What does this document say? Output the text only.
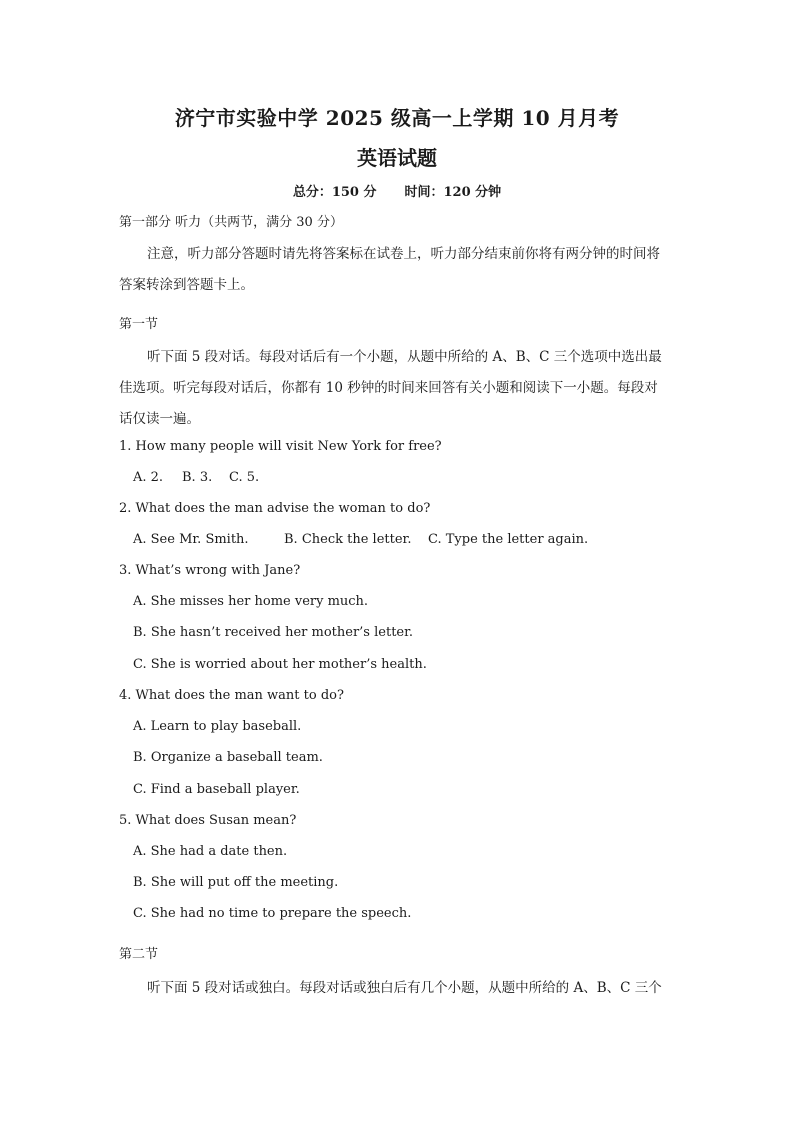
济宁市实验中学 2025 级高一上学期 10 月月考
英语试题
总分：150 分 时间：120 分钟
第一部分 听力（共两节，满分 30 分）
注意，听力部分答题时请先将答案标在试卷上，听力部分结束前你将有两分钟的时间将
答案转涂到答题卡上。
第一节
听下面 5 段对话。每段对话后有一个小题，从题中所给的 A、B、C 三个选项中选出最
佳选项。听完每段对话后，你都有 10 秒钟的时间来回答有关小题和阅读下一小题。每段对
话仅读一遍。
1. How many people will visit New York for free?
A. 2. B. 3. C. 5.
2. What does the man advise the woman to do?
A. See Mr. Smith.	B. Check the letter. C. Type the letter again.
3. What’s wrong with Jane?
A. She misses her home very much.
B. She hasn’t received her mother’s letter.
C. She is worried about her mother’s health.
4. What does the man want to do?
A. Learn to play baseball.
B. Organize a baseball team.
C. Find a baseball player.
5. What does Susan mean?
A. She had a date then.
B. She will put off the meeting.
C. She had no time to prepare the speech.
第二节
听下面 5 段对话或独白。每段对话或独白后有几个小题，从题中所给的 A、B、C 三个
